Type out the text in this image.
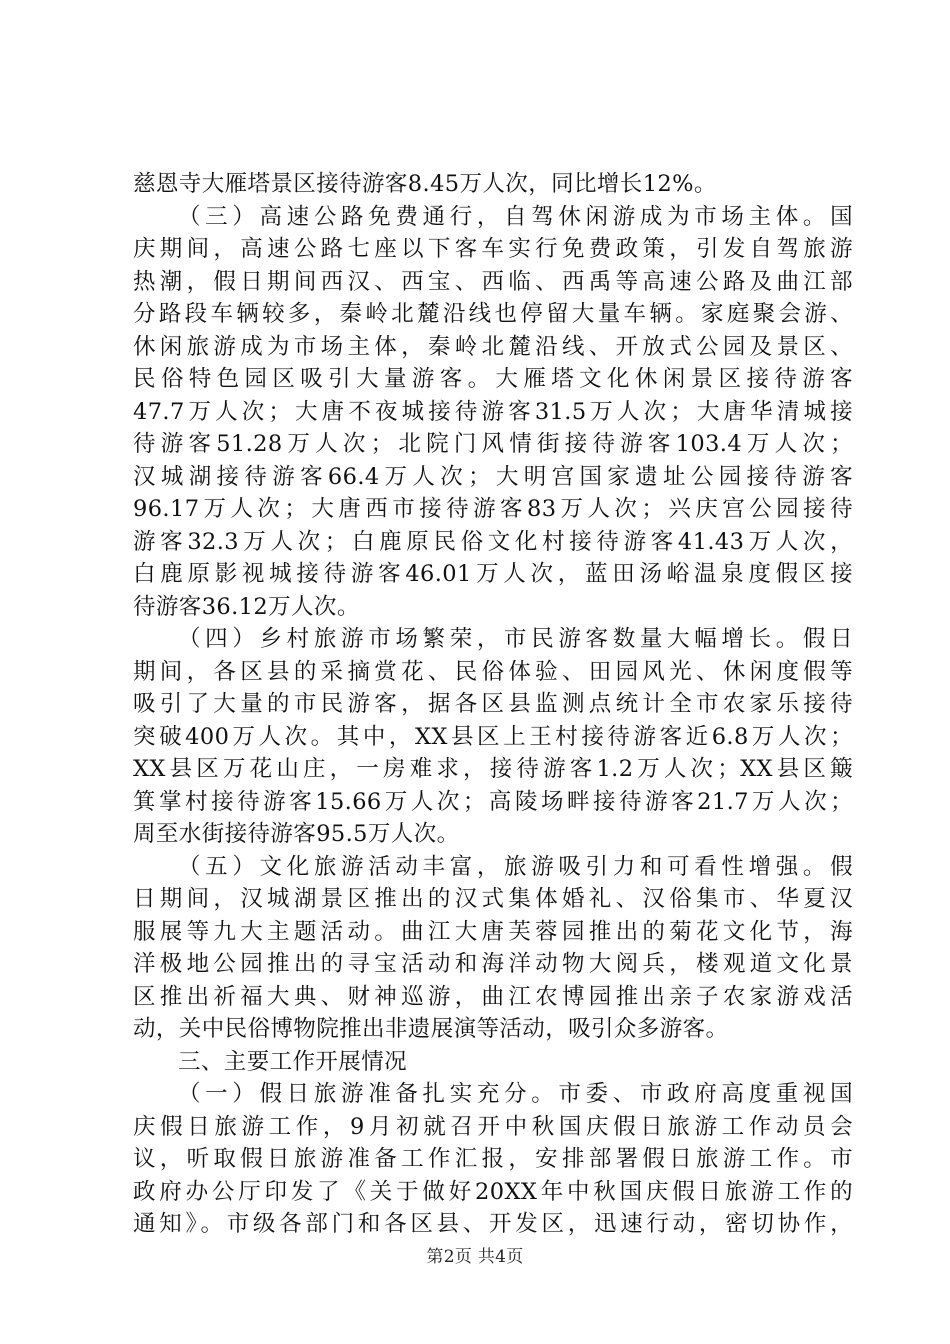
慈恩寺大雁塔景区接待游客8.45万人次，同比增长12%。
（三）高速公路免费通行，自驾休闲游成为市场主体。国
庆期间，高速公路七座以下客车实行免费政策，引发自驾旅游
热潮，假日期间西汉、西宝、西临、西禹等高速公路及曲江部
分路段车辆较多，秦岭北麓沿线也停留大量车辆。家庭聚会游、
休闲旅游成为市场主体，秦岭北麓沿线、开放式公园及景区、
民俗特色园区吸引大量游客。大雁塔文化休闲景区接待游客
47.7万人次；大唐不夜城接待游客31.5万人次；大唐华清城接
待游客51.28万人次；北院门风情街接待游客103.4万人次；
汉城湖接待游客66.4万人次；大明宫国家遗址公园接待游客
96.17万人次；大唐西市接待游客83万人次；兴庆宫公园接待
游客32.3万人次；白鹿原民俗文化村接待游客41.43万人次，
白鹿原影视城接待游客46.01万人次，蓝田汤峪温泉度假区接
待游客36.12万人次。
（四）乡村旅游市场繁荣，市民游客数量大幅增长。假日
期间，各区县的采摘赏花、民俗体验、田园风光、休闲度假等
吸引了大量的市民游客，据各区县监测点统计全市农家乐接待
突破400万人次。其中，XX县区上王村接待游客近6.8万人次；
XX县区万花山庄，一房难求，接待游客1.2万人次；XX县区簸
箕掌村接待游客15.66万人次；高陵场畔接待游客21.7万人次；
周至水街接待游客95.5万人次。
（五）文化旅游活动丰富，旅游吸引力和可看性增强。假
日期间，汉城湖景区推出的汉式集体婚礼、汉俗集市、华夏汉
服展等九大主题活动。曲江大唐芙蓉园推出的菊花文化节，海
洋极地公园推出的寻宝活动和海洋动物大阅兵，楼观道文化景
区推出祈福大典、财神巡游，曲江农博园推出亲子农家游戏活
动，关中民俗博物院推出非遗展演等活动，吸引众多游客。
三、主要工作开展情况
（一）假日旅游准备扎实充分。市委、市政府高度重视国
庆假日旅游工作，9月初就召开中秋国庆假日旅游工作动员会
议，听取假日旅游准备工作汇报，安排部署假日旅游工作。市
政府办公厅印发了《关于做好20XX年中秋国庆假日旅游工作的
通知》。市级各部门和各区县、开发区，迅速行动，密切协作，
第2页 共4页
